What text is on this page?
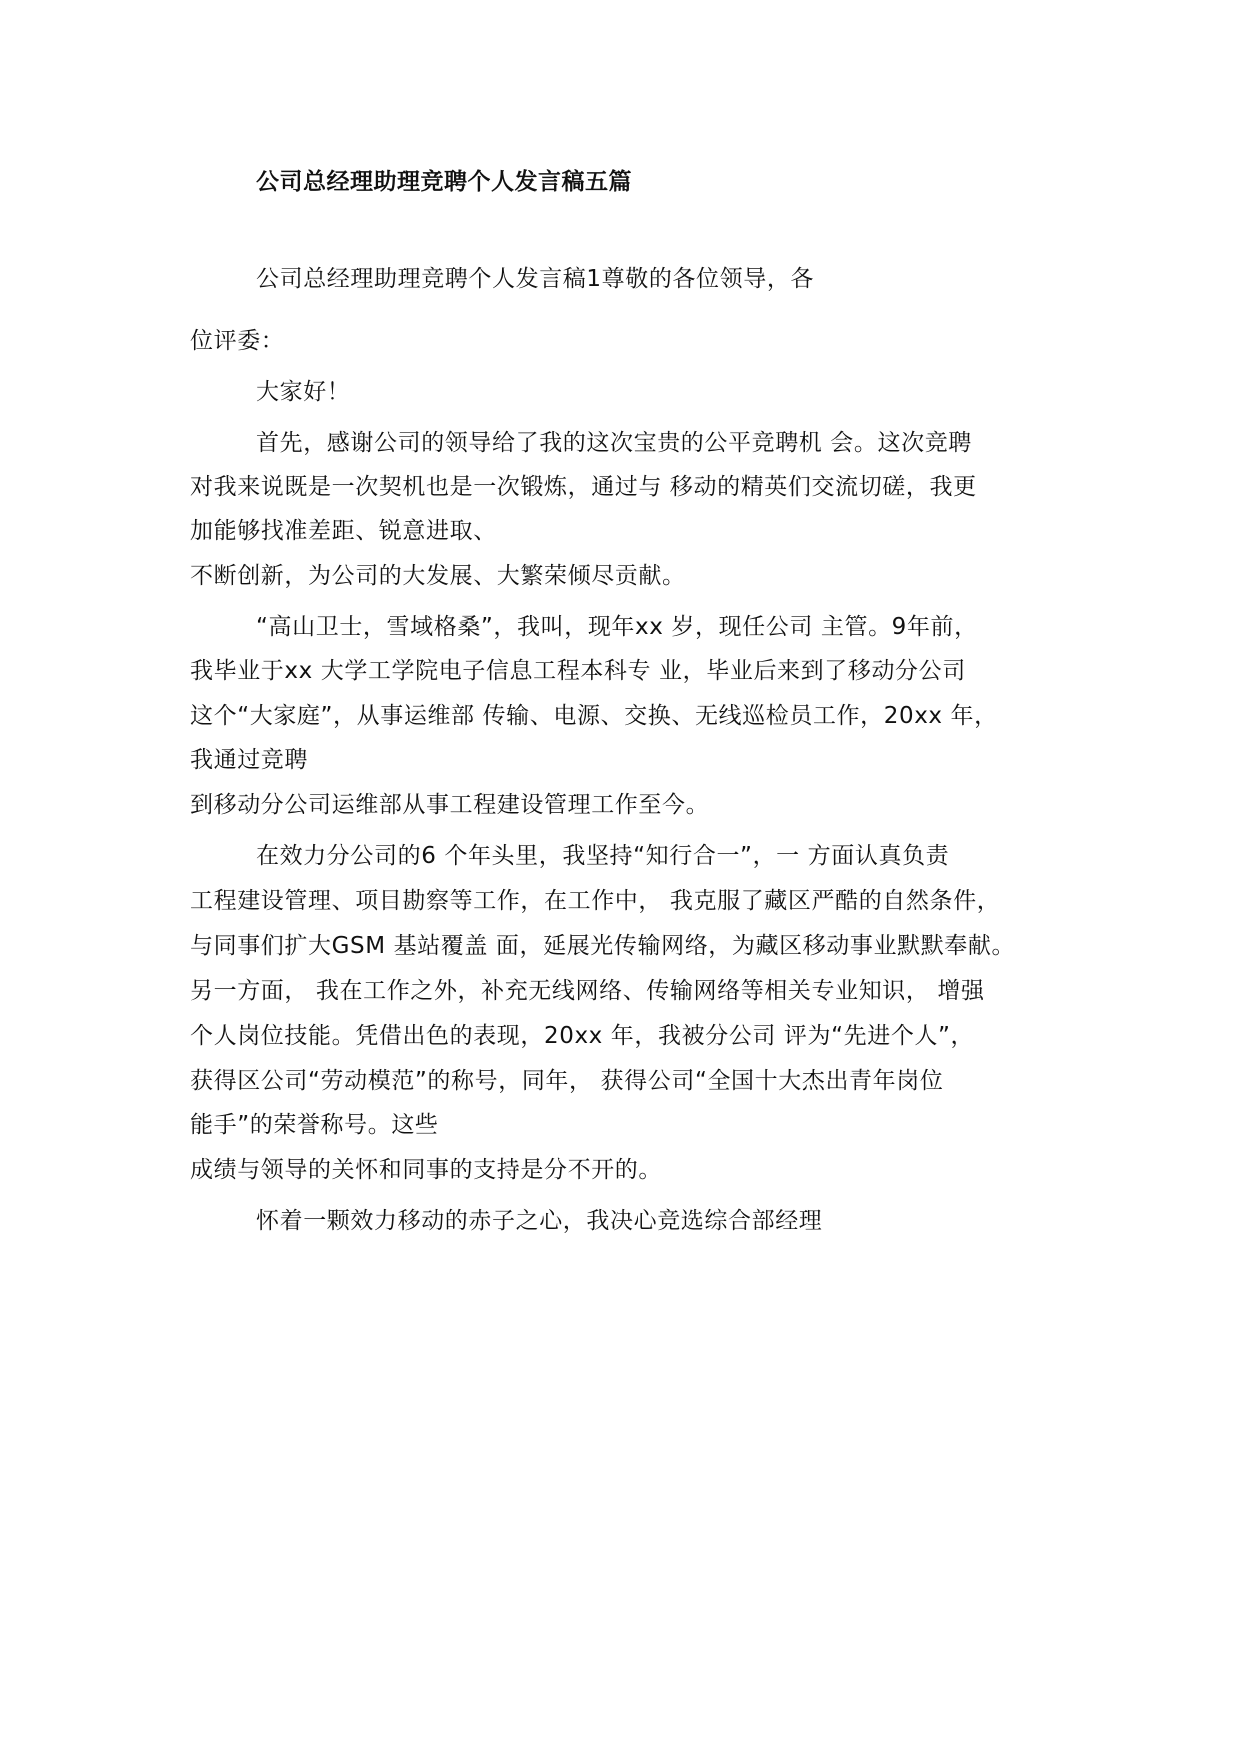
公司总经理助理竞聘个人发言稿五篇
公司总经理助理竞聘个人发言稿1尊敬的各位领导，各
位评委：
大家好！
首先，感谢公司的领导给了我的这次宝贵的公平竞聘机 会。这次竞聘
对我来说既是一次契机也是一次锻炼，通过与 移动的精英们交流切磋，我更
加能够找准差距、锐意进取、
不断创新，为公司的大发展、大繁荣倾尽贡献。
“高山卫士，雪域格桑”，我叫，现年xx 岁，现任公司 主管。9年前，
我毕业于xx 大学工学院电子信息工程本科专 业，毕业后来到了移动分公司
这个“大家庭”，从事运维部 传输、电源、交换、无线巡检员工作，20xx 年，
我通过竞聘
到移动分公司运维部从事工程建设管理工作至今。
在效力分公司的6 个年头里，我坚持“知行合一”，一 方面认真负责
工程建设管理、项目勘察等工作，在工作中， 我克服了藏区严酷的自然条件，
与同事们扩大GSM 基站覆盖 面，延展光传输网络，为藏区移动事业默默奉献。
另一方面， 我在工作之外，补充无线网络、传输网络等相关专业知识， 增强
个人岗位技能。凭借出色的表现，20xx 年，我被分公司 评为“先进个人”，
获得区公司“劳动模范”的称号，同年， 获得公司“全国十大杰出青年岗位
能手”的荣誉称号。这些
成绩与领导的关怀和同事的支持是分不开的。
怀着一颗效力移动的赤子之心，我决心竞选综合部经理
